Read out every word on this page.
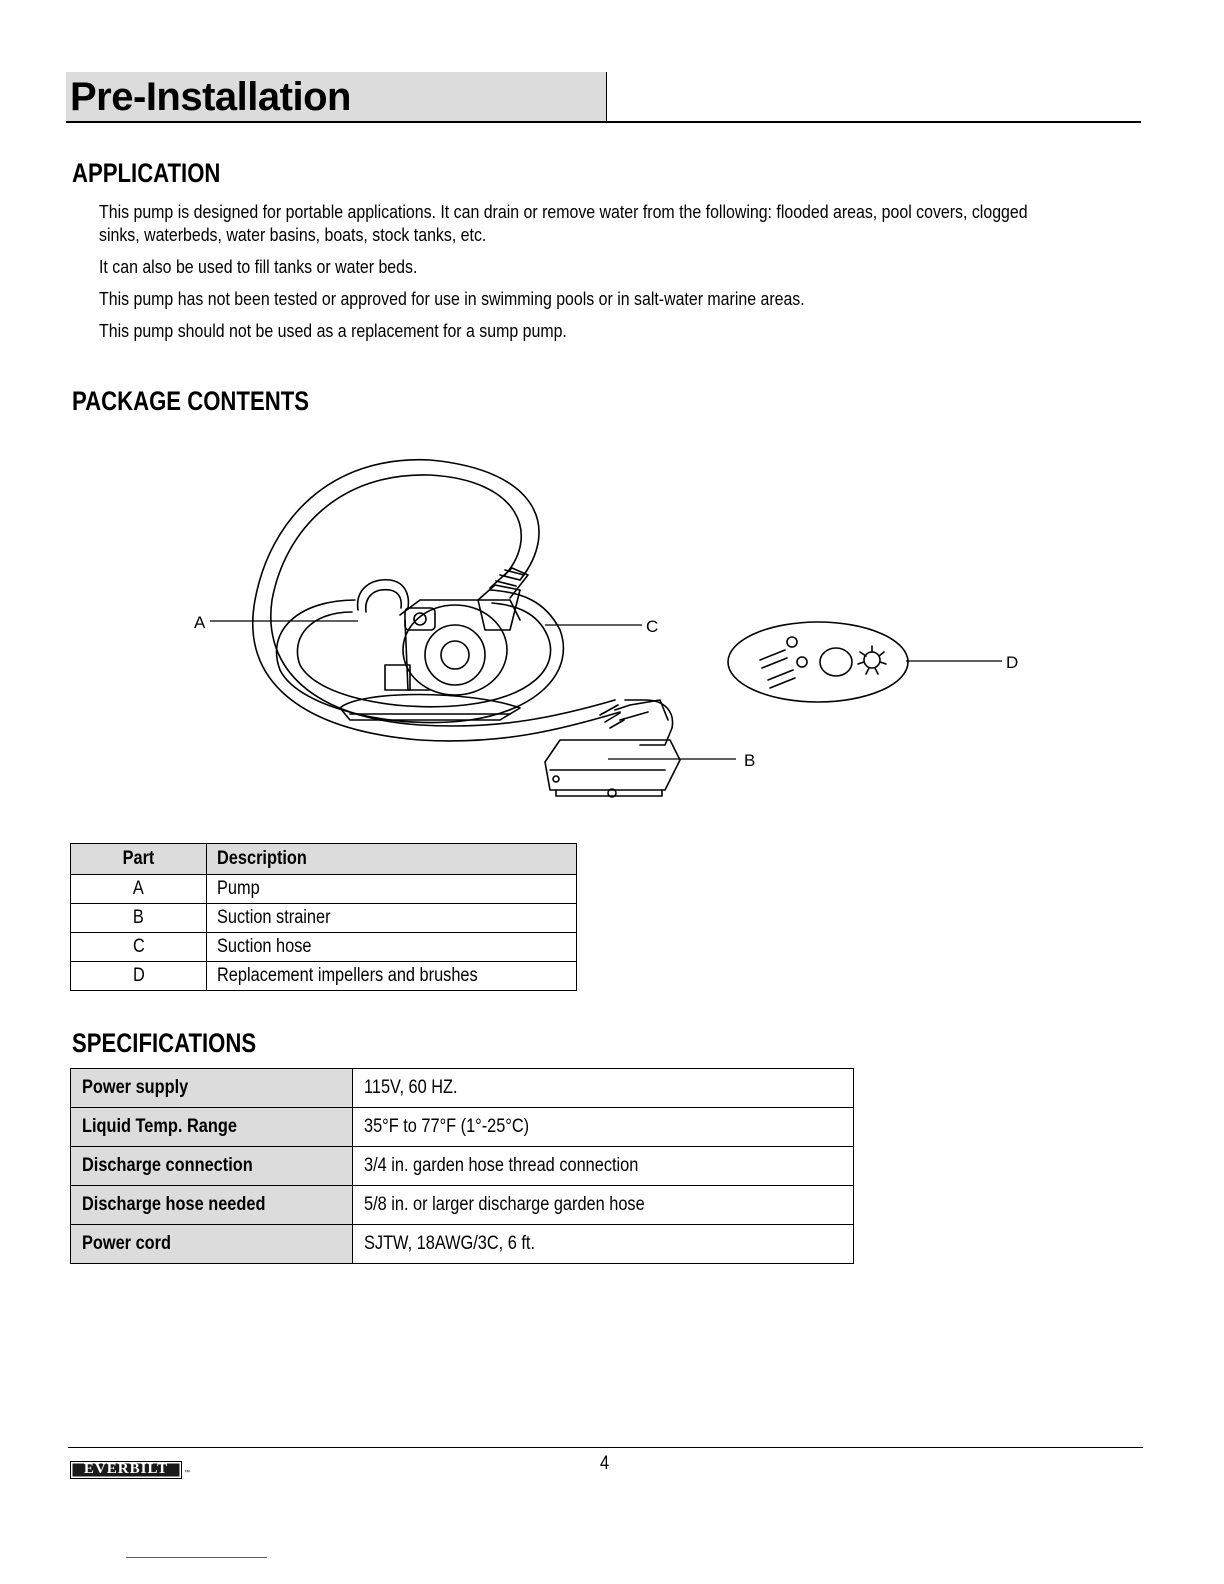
Pre-Installation
APPLICATION
This pump is designed for portable applications. It can drain or remove water from the following: flooded areas, pool covers, clogged
sinks, waterbeds, water basins, boats, stock tanks, etc.
It can also be used to fill tanks or water beds.
This pump has not been tested or approved for use in swimming pools or in salt-water marine areas.
This pump should not be used as a replacement for a sump pump.
PACKAGE CONTENTS
A	C
D
B
Part	Description
A	Pump
B	Suction strainer
C	Suction hose
D	Replacement impellers and brushes
SPECIFICATIONS
Power supply	115V, 60 HZ.
Liquid Temp. Range	35°F to 77°F (1°-25°C)
Discharge connection	3/4 in. garden hose thread connection
Discharge hose needed	5/8 in. or larger discharge garden hose
Power cord	SJTW, 18AWG/3C, 6 ft.
EVERBILT	™	4
